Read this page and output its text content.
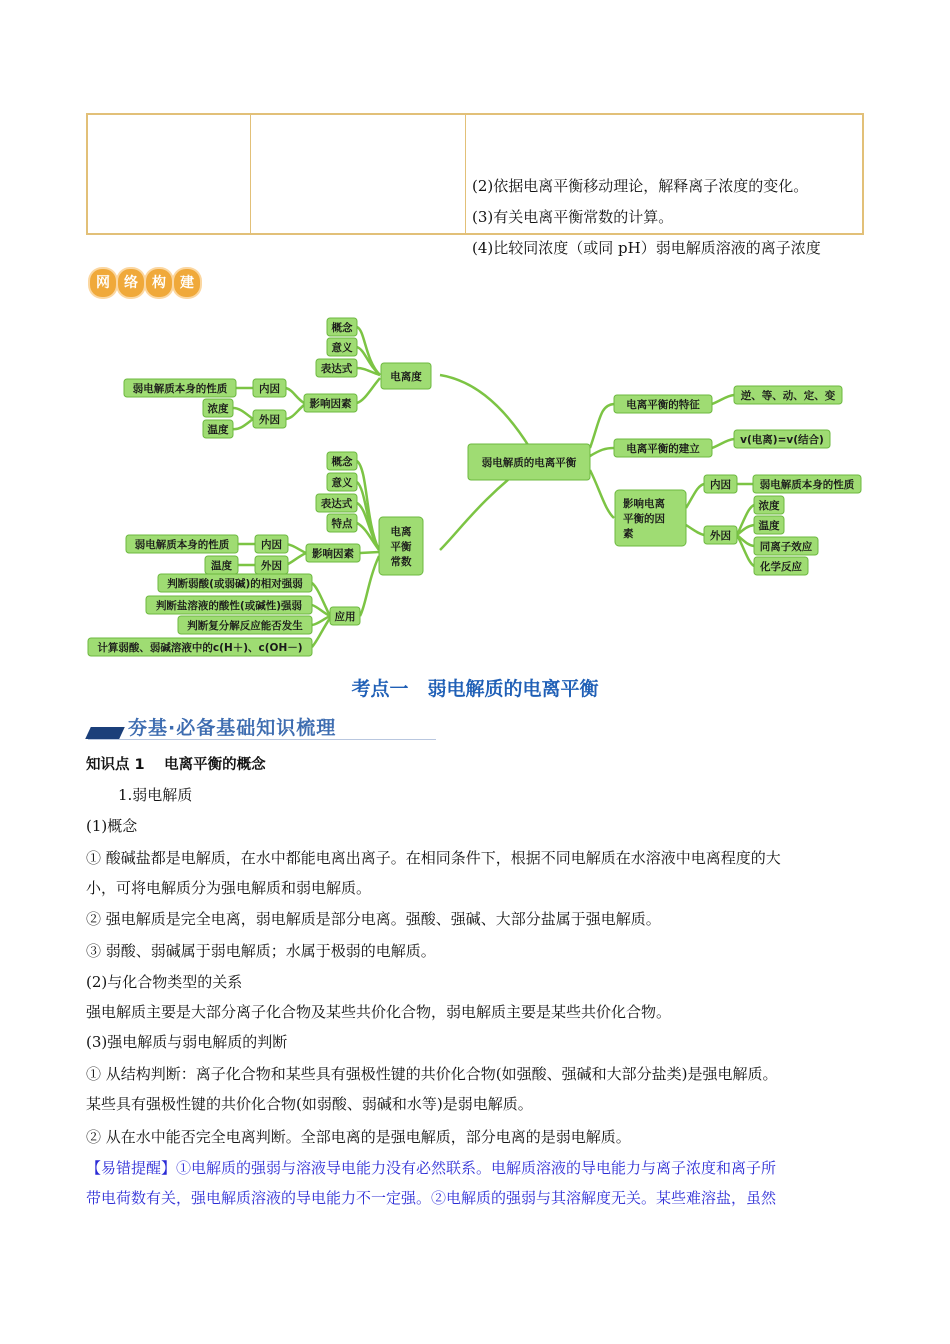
(2)依据电离平衡移动理论，解释离子浓度的变化。
(3)有关电离平衡常数的计算。
(4)比较同浓度（或同 pH）弱电解质溶液的离子浓度
网	络	构	建
弱电解质的电离平衡
电离度
概念
意义
表达式
影响因素
内因
外因
弱电解质本身的性质
浓度
温度
概念
意义
表达式
特点
影响因素
内因
外因
弱电解质本身的性质
温度
应用
判断弱酸(或弱碱)的相对强弱
判断盐溶液的酸性(或碱性)强弱
判断复分解反应能否发生
计算弱酸、弱碱溶液中的c(H＋)、c(OH－)
电离平衡的特征
逆、等、动、定、变
电离平衡的建立
v(电离)=v(结合)
内因
外因
弱电解质本身的性质
浓度
温度
同离子效应
化学反应
电离
平衡
常数
影响电离
平衡的因
素
考点一　弱电解质的电离平衡
夯基·必备基础知识梳理
知识点 1　 电离平衡的概念
1.弱电解质
(1)概念
① 酸碱盐都是电解质，在水中都能电离出离子。在相同条件下，根据不同电解质在水溶液中电离程度的大
小，可将电解质分为强电解质和弱电解质。
② 强电解质是完全电离，弱电解质是部分电离。强酸、强碱、大部分盐属于强电解质。
③ 弱酸、弱碱属于弱电解质；水属于极弱的电解质。
(2)与化合物类型的关系
强电解质主要是大部分离子化合物及某些共价化合物，弱电解质主要是某些共价化合物。
(3)强电解质与弱电解质的判断
① 从结构判断：离子化合物和某些具有强极性键的共价化合物(如强酸、强碱和大部分盐类)是强电解质。
某些具有强极性键的共价化合物(如弱酸、弱碱和水等)是弱电解质。
② 从在水中能否完全电离判断。全部电离的是强电解质，部分电离的是弱电解质。
【易错提醒】①电解质的强弱与溶液导电能力没有必然联系。电解质溶液的导电能力与离子浓度和离子所
带电荷数有关，强电解质溶液的导电能力不一定强。②电解质的强弱与其溶解度无关。某些难溶盐，虽然
